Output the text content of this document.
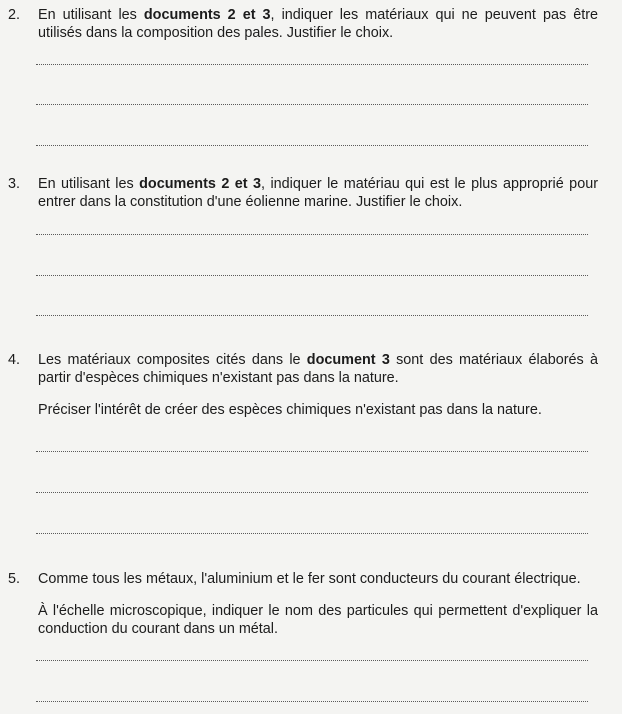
2.	En utilisant les documents 2 et 3, indiquer les matériaux qui ne peuvent pas être utilisés dans la composition des pales. Justifier le choix.
3.	En utilisant les documents 2 et 3, indiquer le matériau qui est le plus approprié pour entrer dans la constitution d'une éolienne marine. Justifier le choix.
4.	Les matériaux composites cités dans le document 3 sont des matériaux élaborés à partir d'espèces chimiques n'existant pas dans la nature.
Préciser l'intérêt de créer des espèces chimiques n'existant pas dans la nature.
5.	Comme tous les métaux, l'aluminium et le fer sont conducteurs du courant électrique.
À l'échelle microscopique, indiquer le nom des particules qui permettent d'expliquer la conduction du courant dans un métal.
